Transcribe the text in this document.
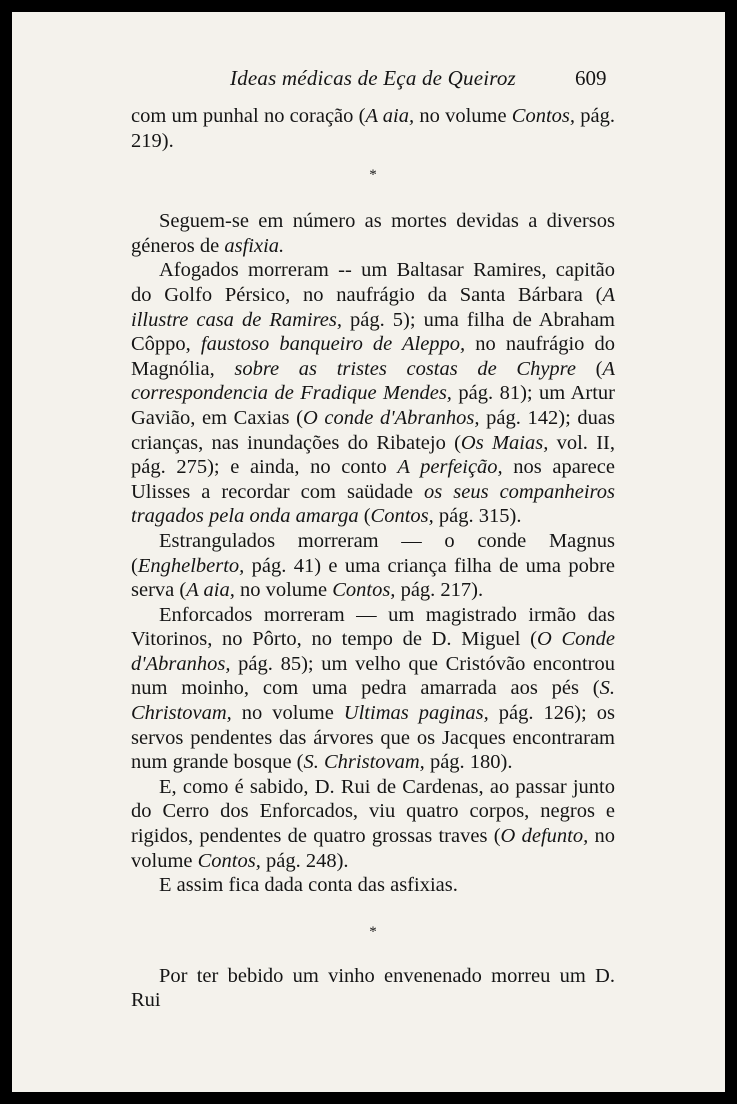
Ideas médicas de Eça de Queiroz	609

com um punhal no coração (A aia, no volume Contos, pág. 219).

*

Seguem-se em número as mortes devidas a diversos géneros de asfixia.

Afogados morreram -- um Baltasar Ramires, capitão do Golfo Pérsico, no naufrágio da Santa Bárbara (A illustre casa de Ramires, pág. 5); uma filha de Abraham Côppo, faustoso banqueiro de Aleppo, no naufrágio do Magnólia, sobre as tristes costas de Chypre (A correspondencia de Fradique Mendes, pág. 81); um Artur Gavião, em Caxias (O conde d'Abranhos, pág. 142); duas crianças, nas inundações do Ribatejo (Os Maias, vol. II, pág. 275); e ainda, no conto A perfeição, nos aparece Ulisses a recordar com saüdade os seus companheiros tragados pela onda amarga (Contos, pág. 315).

Estrangulados morreram — o conde Magnus (Enghelberto, pág. 41) e uma criança filha de uma pobre serva (A aia, no volume Contos, pág. 217).

Enforcados morreram — um magistrado irmão das Vitorinos, no Pôrto, no tempo de D. Miguel (O Conde d'Abranhos, pág. 85); um velho que Cristóvão encontrou num moinho, com uma pedra amarrada aos pés (S. Christovam, no volume Ultimas paginas, pág. 126); os servos pendentes das árvores que os Jacques encontraram num grande bosque (S. Christovam, pág. 180).

E, como é sabido, D. Rui de Cardenas, ao passar junto do Cerro dos Enforcados, viu quatro corpos, negros e rigidos, pendentes de quatro grossas traves (O defunto, no volume Contos, pág. 248).

E assim fica dada conta das asfixias.

*

Por ter bebido um vinho envenenado morreu um D. Rui
